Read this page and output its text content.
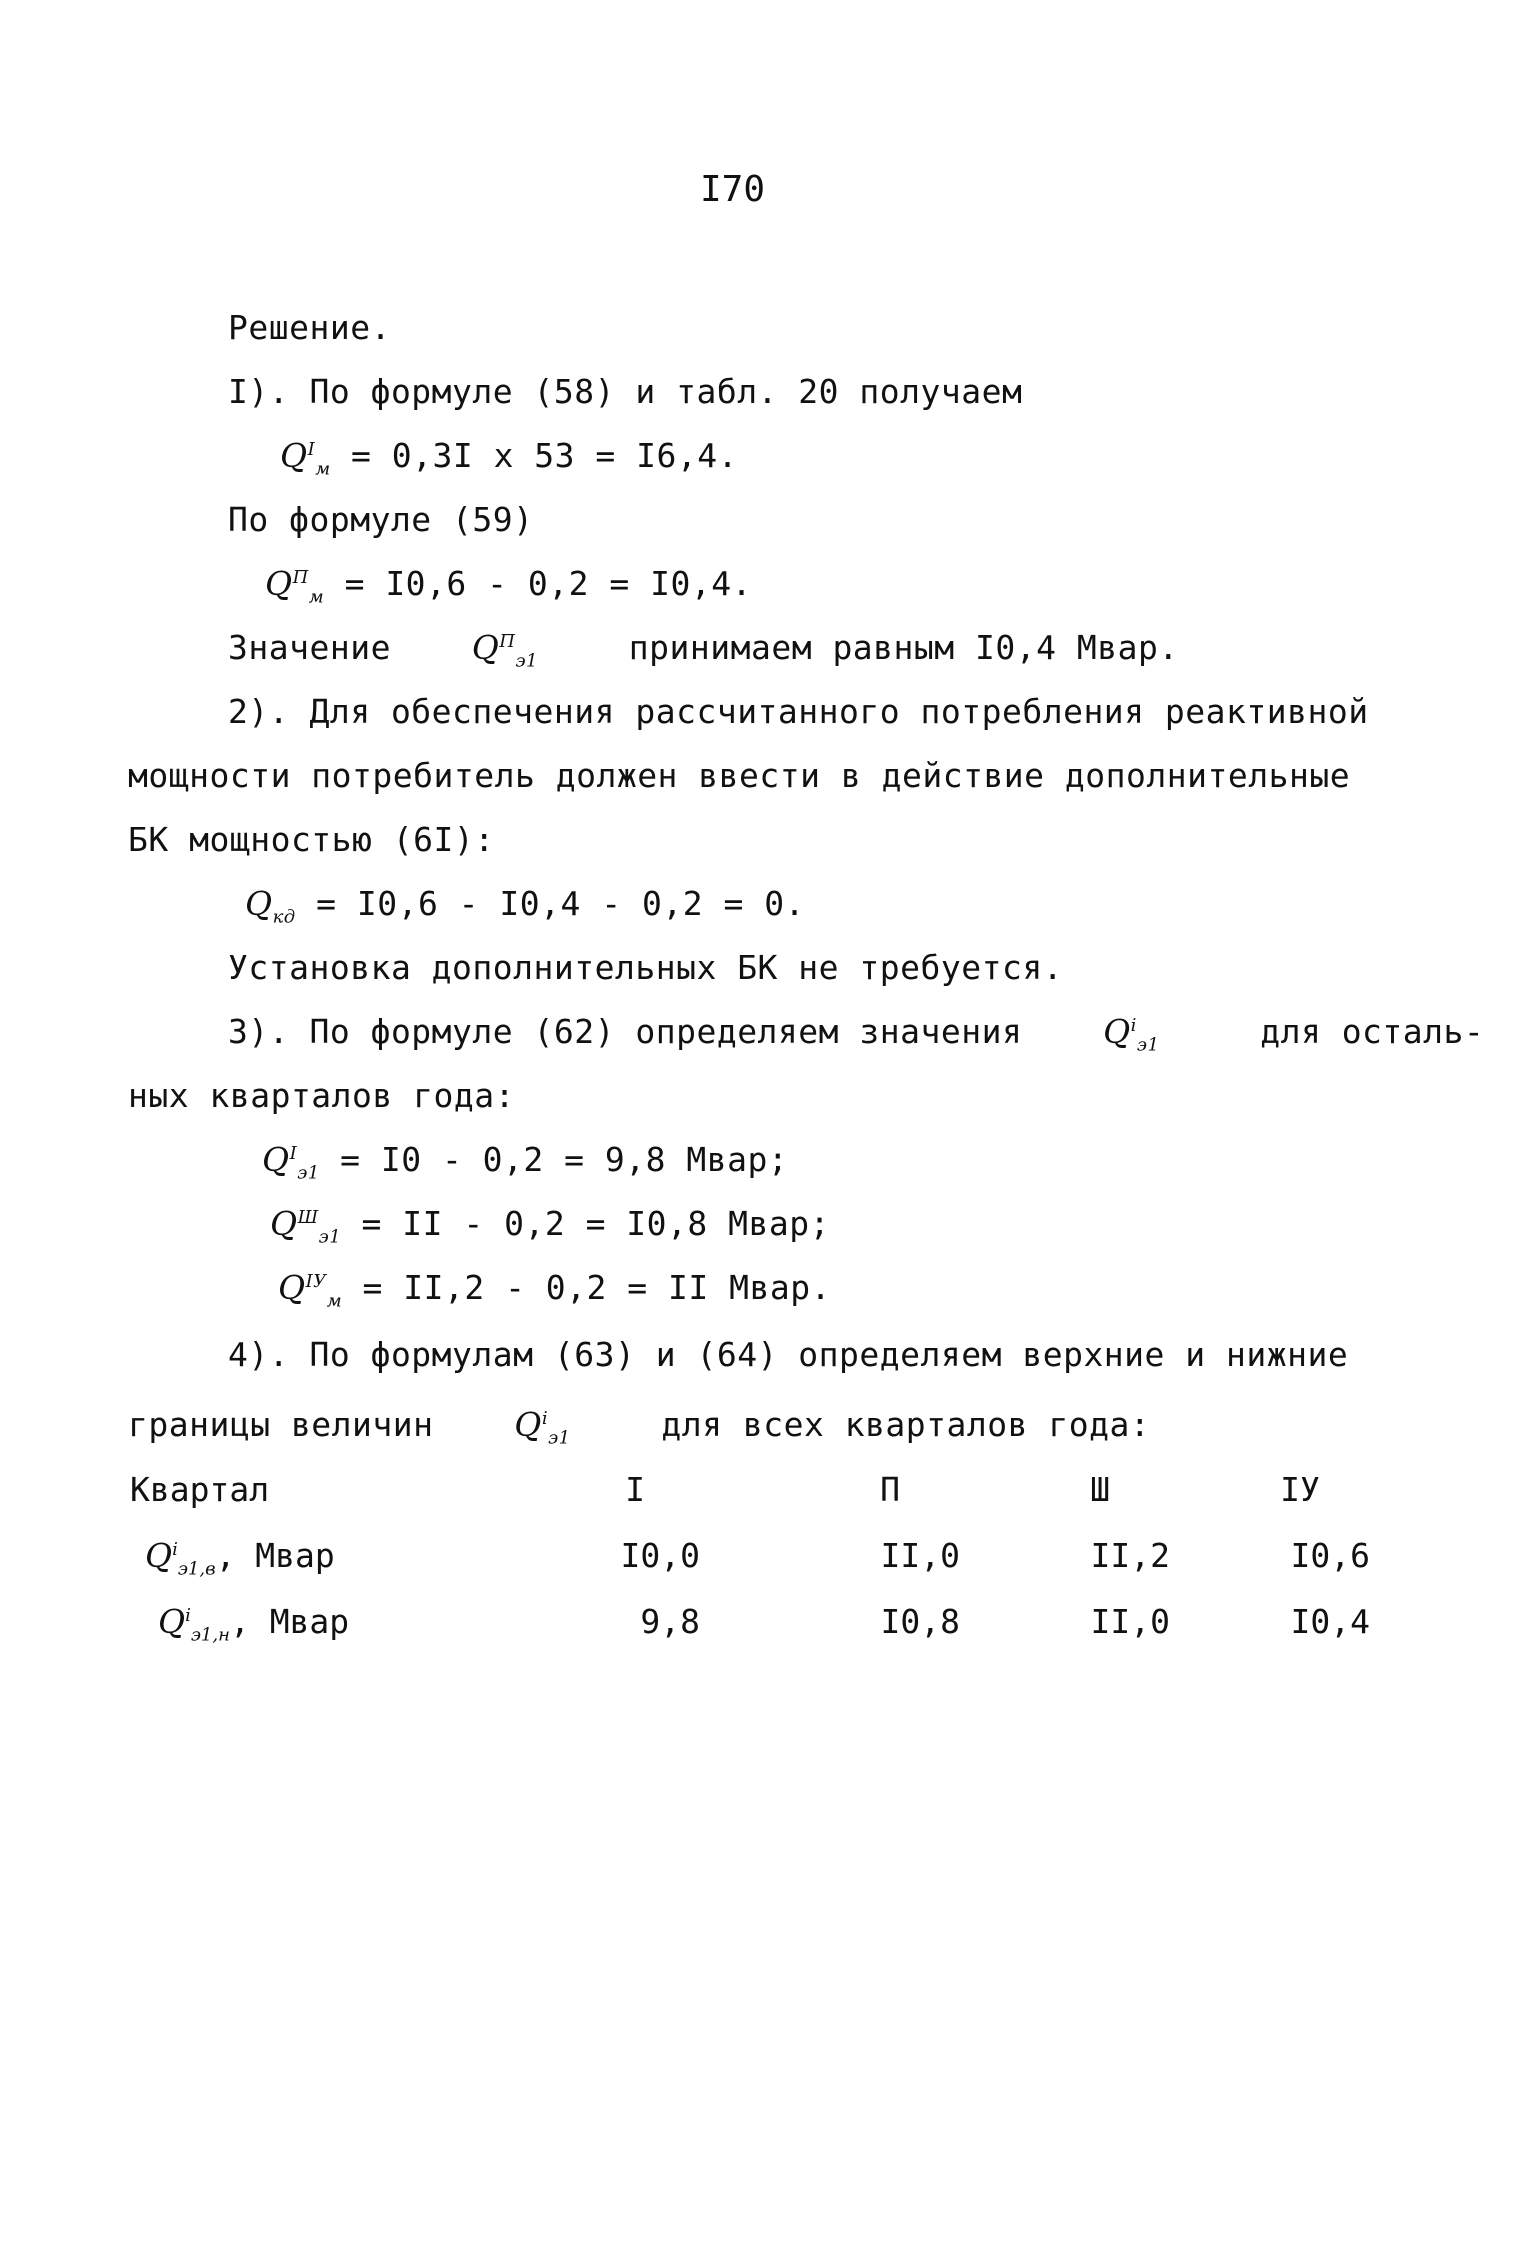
I70
Решение.
I). По формуле (58) и табл. 20 получаем
$Q^I_м = 0,3I$ x 53 = I6,4.
По формуле (59)
$Q^П_м = I0,6 - 0,2 = I0,4$.
Значение $Q^П_{э1}$	принимаем равным I0,4 Мвар.
2). Для обеспечения рассчитанного потребления реактивной
мощности потребитель должен ввести в действие дополнительные
БК мощностью (6I):
$Q_{кд} = I0,6 - I0,4 - 0,2 = 0$.
Установка дополнительных БК не требуется.
3). По формуле (62) определяем значения $Q^i_{э1}$	для осталь-
ных кварталов года:
$Q^I_{э1} = I0 - 0,2 = 9,8$ Мвар;
$Q^Ш_{э1}$ = II - 0,2 = I0,8 Мвар;
$Q^{IУ}_м = II,2 - 0,2$ = II Мвар.
4). По формулам (63) и (64) определяем верхние и нижние
границы величин $Q^i_{э1}$	для всех кварталов года:
Квартал	I	П	Ш	IУ
$Q^i_{э1,в}$, Мвар	I0,0	II,0	II,2	I0,6
$Q^i_{э1,н}$, Мвар	9,8	I0,8	II,0	I0,4
